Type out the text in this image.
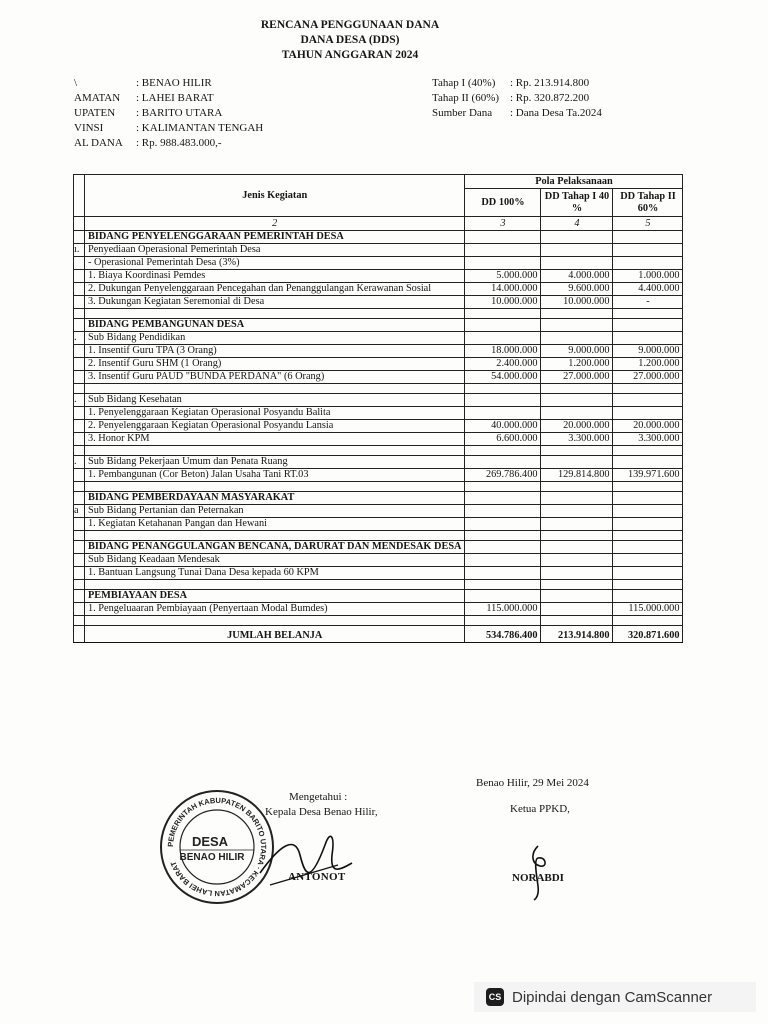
RENCANA PENGGUNAAN DANA
DANA DESA (DDS)
TAHUN ANGGARAN 2024
\	: BENAO HILIR
AMATAN	: LAHEI BARAT
UPATEN	: BARITO UTARA
VINSI	: KALIMANTAN TENGAH
AL DANA	: Rp. 988.483.000,-
Tahap I (40%)	: Rp. 213.914.800
Tahap II (60%) : Rp. 320.872.200
Sumber Dana	: Dana Desa Ta.2024
	Jenis Kegiatan	Pola Pelaksanaan		
		DD 100%	DD Tahap I 40 %	DD Tahap II 60%
	2	3	4	5
	BIDANG PENYELENGGARAAN PEMERINTAH DESA			
ı.	Penyediaan Operasional Pemerintah Desa			
	- Operasional Pemerintah Desa (3%)			
	1. Biaya Koordinasi Pemdes	5.000.000	4.000.000	1.000.000
	2. Dukungan Penyelenggaraan Pencegahan dan Penanggulangan Kerawanan Sosial	14.000.000	9.600.000	4.400.000
	3. Dukungan Kegiatan Seremonial di Desa	10.000.000	10.000.000	-

	BIDANG PEMBANGUNAN DESA			
.	Sub Bidang Pendidikan			
	1. Insentif Guru TPA (3 Orang)	18.000.000	9.000.000	9.000.000
	2. Insentif Guru SHM (1 Orang)	2.400.000	1.200.000	1.200.000
	3. Insentif Guru PAUD "BUNDA PERDANA" (6 Orang)	54.000.000	27.000.000	27.000.000

.	Sub Bidang Kesehatan			
	1. Penyelenggaraan Kegiatan Operasional Posyandu Balita			
	2. Penyelenggaraan Kegiatan Operasional Posyandu Lansia	40.000.000	20.000.000	20.000.000
	3. Honor KPM	6.600.000	3.300.000	3.300.000

.	Sub Bidang Pekerjaan Umum dan Penata Ruang			
	1. Pembangunan (Cor Beton) Jalan Usaha Tani RT.03	269.786.400	129.814.800	139.971.600

	BIDANG PEMBERDAYAAN MASYARAKAT			
a	Sub Bidang Pertanian dan Peternakan			
	1. Kegiatan Ketahanan Pangan dan Hewani			

	BIDANG PENANGGULANGAN BENCANA, DARURAT DAN MENDESAK DESA			
	Sub Bidang Keadaan Mendesak			
	1. Bantuan Langsung Tunai Dana Desa kepada 60 KPM			

	PEMBIAYAAN DESA			
	1. Pengeluaaran Pembiayaan (Penyertaan Modal Bumdes)	115.000.000		115.000.000

	JUMLAH BELANJA	534.786.400	213.914.800	320.871.600
Mengetahui :
Kepala Desa Benao Hilir,
ANTONOT
PEMERINTAH KABUPATEN BARITO UTARA · KECAMATAN LAHEI BARAT
DESA
BENAO HILIR
Benao Hilir, 29 Mei 2024
Ketua PPKD,
NORABDI
CS Dipindai dengan CamScanner
